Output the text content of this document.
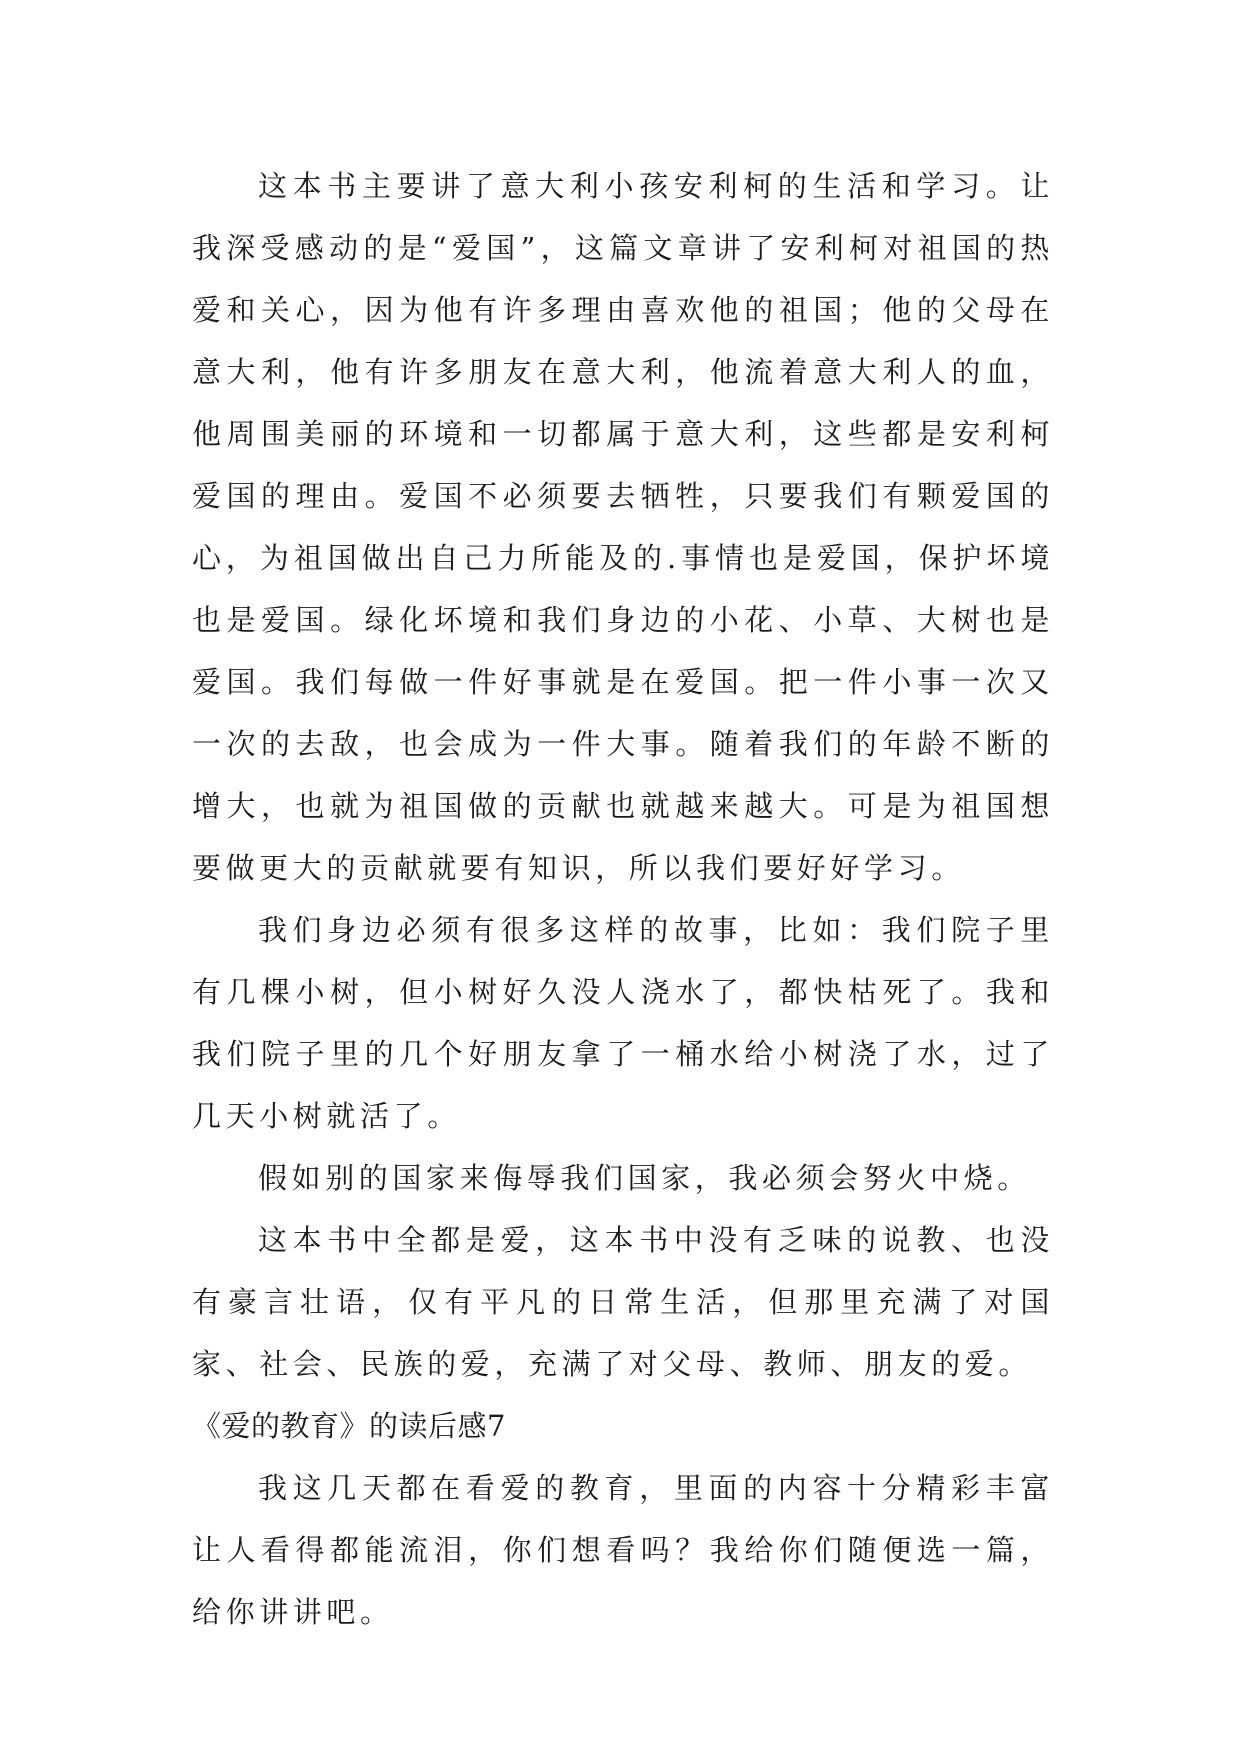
这本书主要讲了意大利小孩安利柯的生活和学习。让我深受感动的是“爱国”，这篇文章讲了安利柯对祖国的热爱和关心，因为他有许多理由喜欢他的祖国；他的父母在意大利，他有许多朋友在意大利，他流着意大利人的血，他周围美丽的环境和一切都属于意大利，这些都是安利柯爱国的理由。爱国不必须要去牺牲，只要我们有颗爱国的心，为祖国做出自己力所能及的.事情也是爱国，保护坏境也是爱国。绿化坏境和我们身边的小花、小草、大树也是爱国。我们每做一件好事就是在爱国。把一件小事一次又一次的去敌，也会成为一件大事。随着我们的年龄不断的增大，也就为祖国做的贡献也就越来越大。可是为祖国想要做更大的贡献就要有知识，所以我们要好好学习。

我们身边必须有很多这样的故事，比如：我们院子里有几棵小树，但小树好久没人浇水了，都快枯死了。我和我们院子里的几个好朋友拿了一桶水给小树浇了水，过了几天小树就活了。

假如别的国家来侮辱我们国家，我必须会努火中烧。

这本书中全都是爱，这本书中没有乏味的说教、也没有豪言壮语，仅有平凡的日常生活，但那里充满了对国家、社会、民族的爱，充满了对父母、教师、朋友的爱。

《爱的教育》的读后感7

我这几天都在看爱的教育，里面的内容十分精彩丰富让人看得都能流泪，你们想看吗？我给你们随便选一篇，给你讲讲吧。
